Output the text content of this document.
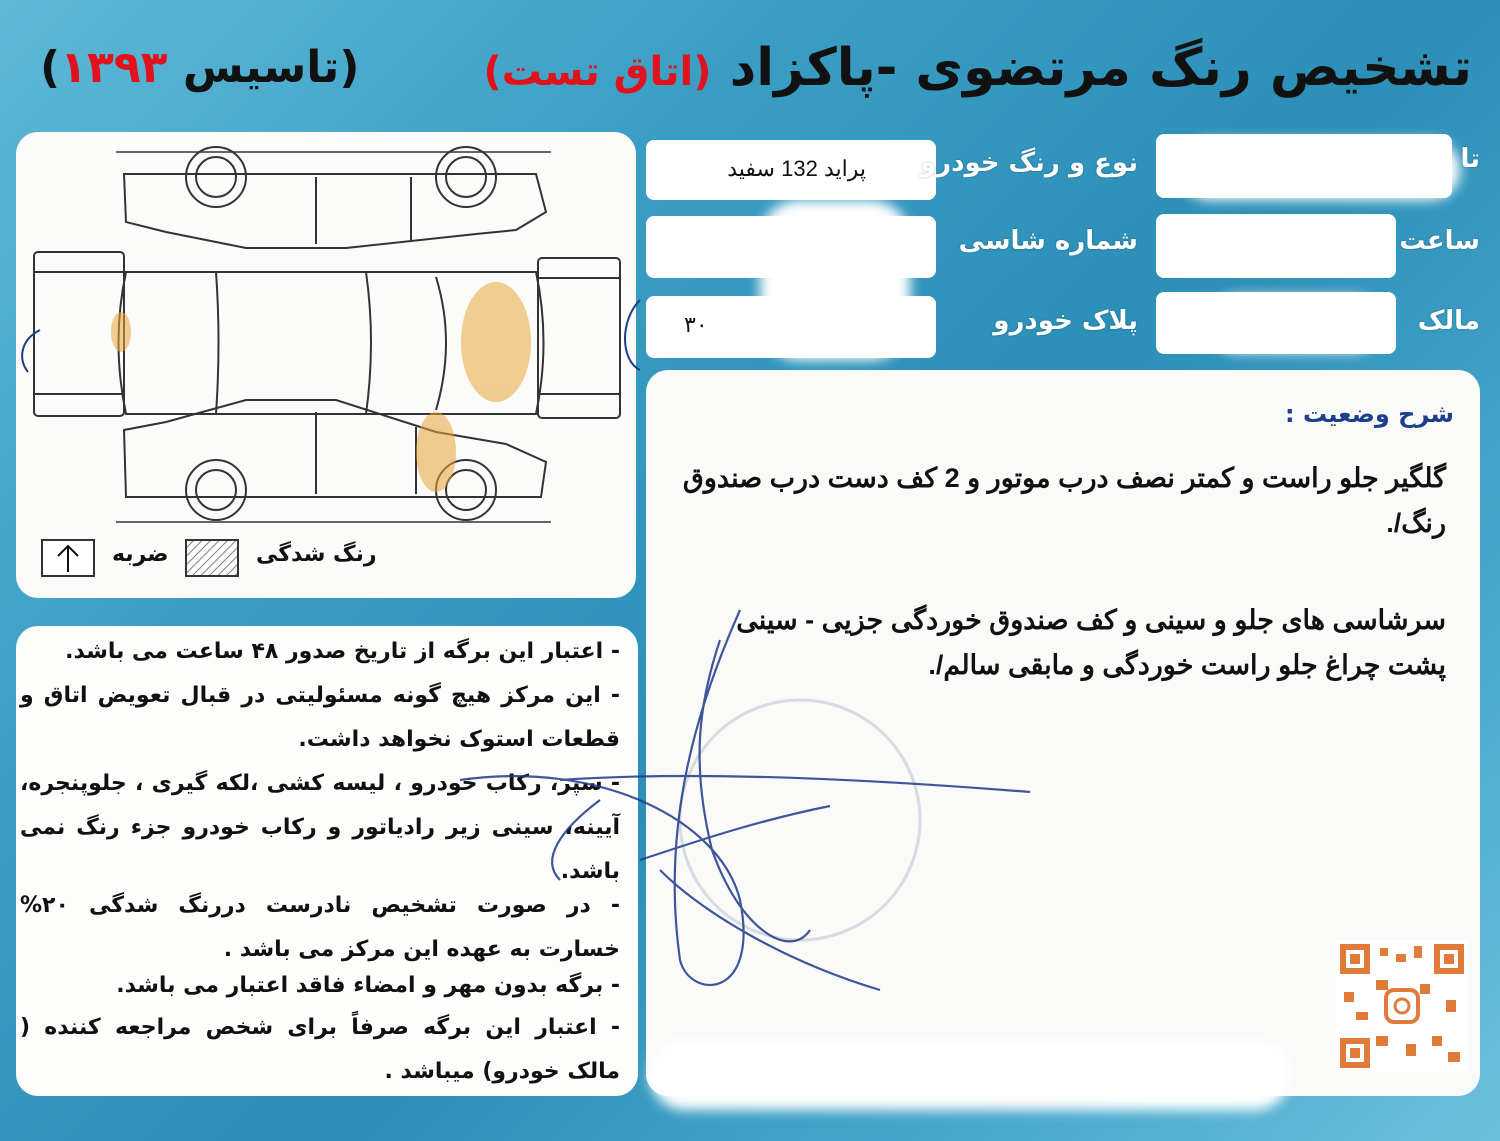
تشخیص رنگ مرتضوی -پاکزاد (اتاق تست)
(تاسیس ۱۳۹۳)
رنگ شدگی
ضربه
پراید 132 سفید نوع و رنگ خودرو
شماره شاسی
۳۰	پلاک خودرو
تا
ساعت
مالک
شرح وضعیت :
گلگیر جلو راست و کمتر نصف درب موتور و 2 کف دست درب صندوق رنگ/.
سرشاسی های جلو و سینی و کف صندوق خوردگی جزیی - سینی پشت چراغ جلو راست خوردگی و مابقی سالم/.
- اعتبار این برگه از تاریخ صدور ۴۸ ساعت می باشد.
- این مرکز هیچ گونه مسئولیتی در قبال تعویض اتاق و قطعات استوک نخواهد داشت.
- سپر، رکاب خودرو ، لیسه کشی ،لکه گیری ، جلوپنجره، آیینه، سینی زیر رادیاتور و رکاب خودرو جزء رنگ نمی باشد.
- در صورت تشخیص نادرست دررنگ شدگی ۲۰% خسارت به عهده این مرکز می باشد .
- برگه بدون مهر و امضاء فاقد اعتبار می باشد.
- اعتبار این برگه صرفاً برای شخص مراجعه کننده ( مالک خودرو) میباشد .
